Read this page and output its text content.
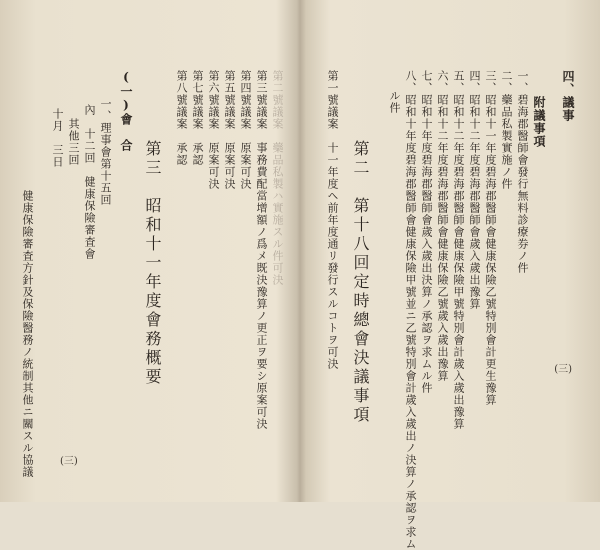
(三)
四、議事
附議事項
一、碧海郡醫師會發行無料診療券ノ件
二、藥品私製實施ノ件
三、昭和十一年度碧海郡醫師會健康保險乙號特別會計更生豫算
四、昭和十二年度碧海郡醫師會歲入歲出豫算
五、昭和十二年度碧海郡醫師會健康保險甲號特別會計歲入歲出豫算
六、昭和十二年度碧海郡醫師會健康保險乙號歲入歲出豫算
七、昭和十年度碧海郡醫師會歲入歲出決算ノ承認ヲ求ムル件
八、昭和十年度碧海郡醫師會健康保險甲號並ニ乙號特別會計歲入歲出ノ決算ノ承認ヲ求ム
ル件
第二　第十八回定時總會決議事項
第一號議案　十一年度ヘ前年度通リ發行スルコトヲ可決
(三)
第二號議案　藥品私製ハ實施スル件可決
第三號議案　事務費配當增額ノ爲メ既決豫算ノ更正ヲ要シ原案可決
第四號議案　原案可決
第五號議案　原案可決
第六號議案　原案可決
第七號議案　承認
第八號議案　承認
第三　昭和十一年度會務概要
(一)會　合
一、理事會第十五回
內　十二回　健康保險審査會
其他三回
十月　三日
健康保險審査方針及保險醫務ノ統制其他ニ關スル協議
